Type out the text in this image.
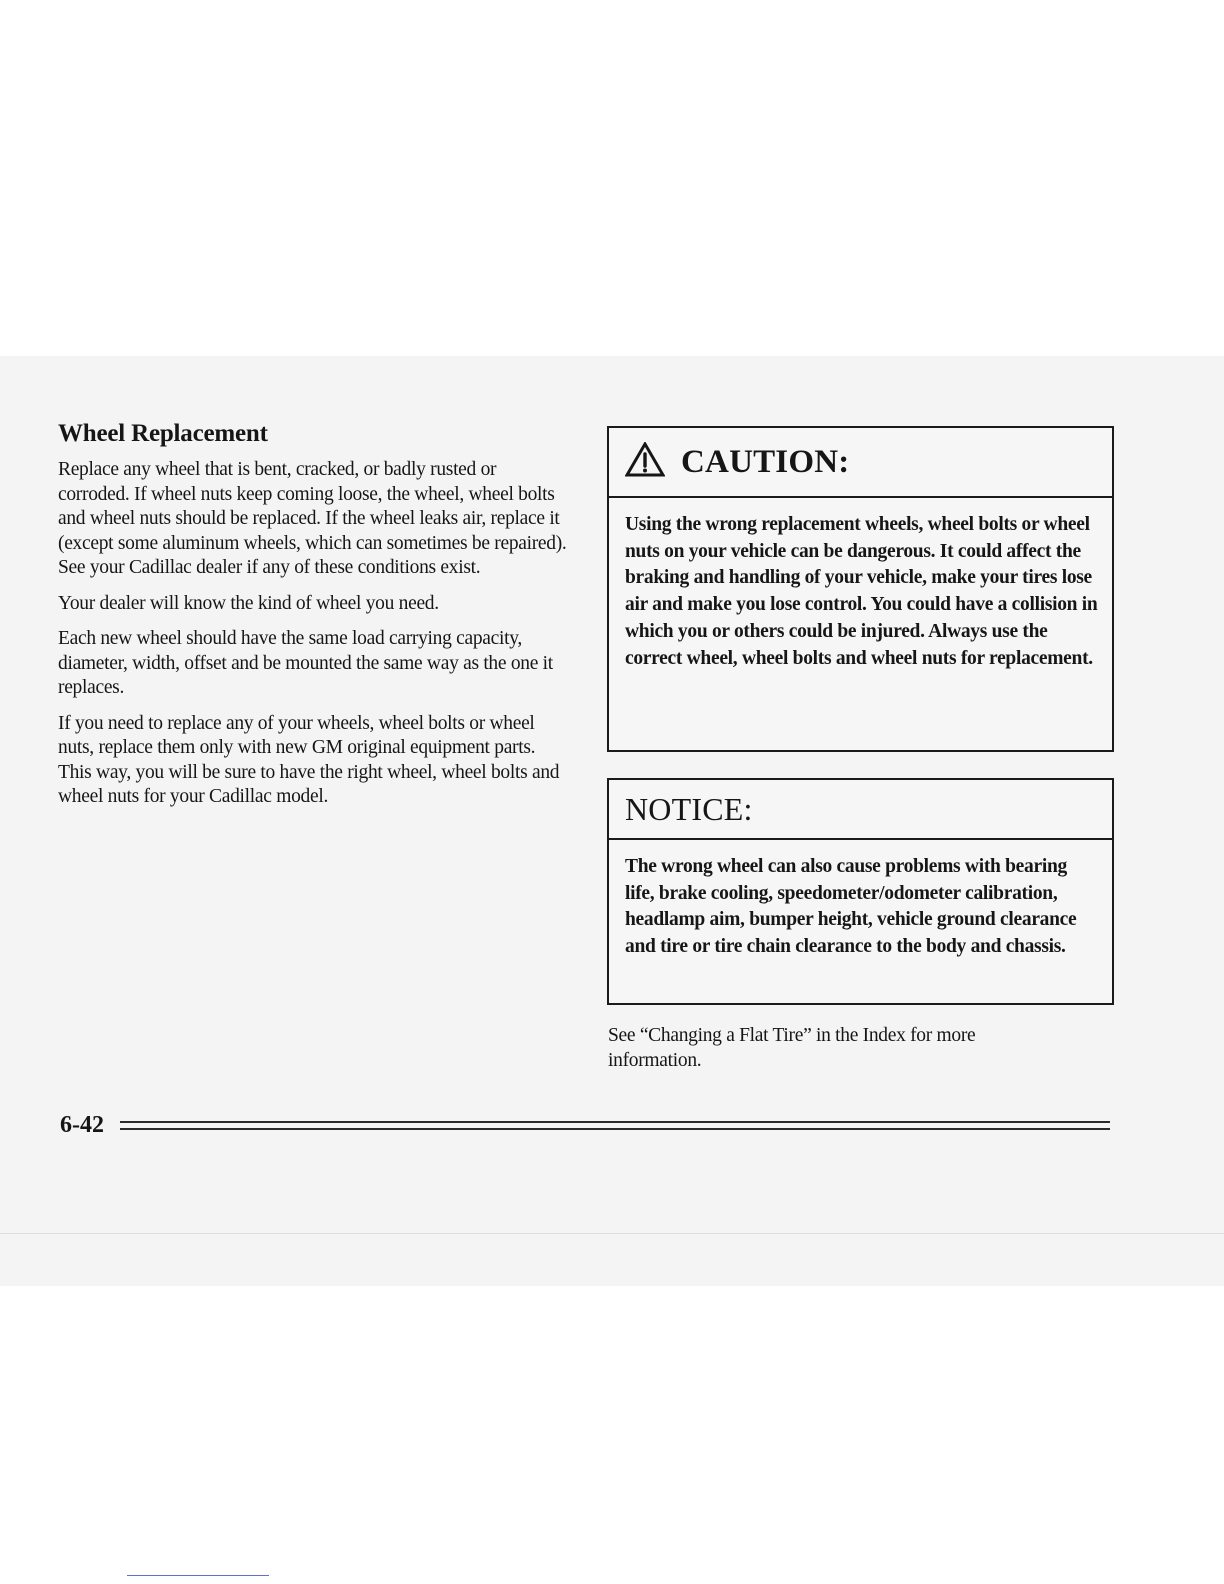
Wheel Replacement

Replace any wheel that is bent, cracked, or badly rusted or corroded. If wheel nuts keep coming loose, the wheel, wheel bolts and wheel nuts should be replaced. If the wheel leaks air, replace it (except some aluminum wheels, which can sometimes be repaired). See your Cadillac dealer if any of these conditions exist.

Your dealer will know the kind of wheel you need.

Each new wheel should have the same load carrying capacity, diameter, width, offset and be mounted the same way as the one it replaces.

If you need to replace any of your wheels, wheel bolts or wheel nuts, replace them only with new GM original equipment parts. This way, you will be sure to have the right wheel, wheel bolts and wheel nuts for your Cadillac model.

CAUTION:
Using the wrong replacement wheels, wheel bolts or wheel nuts on your vehicle can be dangerous. It could affect the braking and handling of your vehicle, make your tires lose air and make you lose control. You could have a collision in which you or others could be injured. Always use the correct wheel, wheel bolts and wheel nuts for replacement.
NOTICE:
The wrong wheel can also cause problems with bearing life, brake cooling, speedometer/odometer calibration, headlamp aim, bumper height, vehicle ground clearance and tire or tire chain clearance to the body and chassis.
See “Changing a Flat Tire” in the Index for more information.
6-42
